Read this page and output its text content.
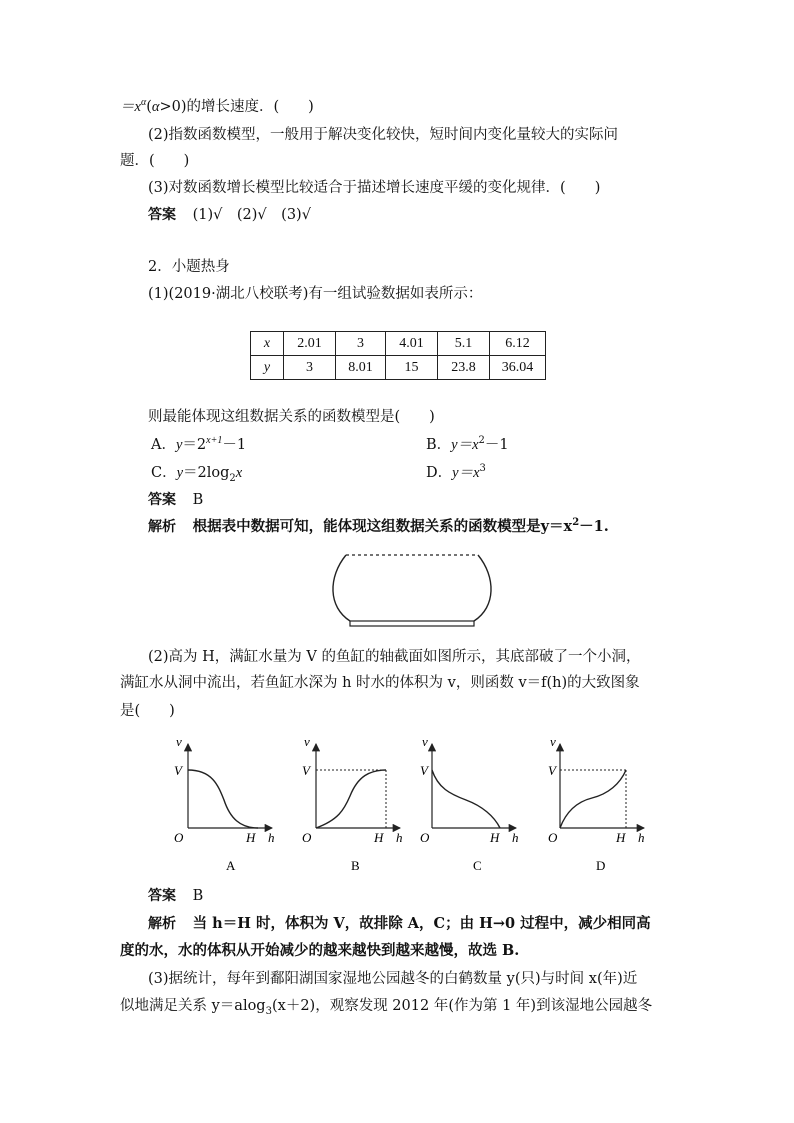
$=x^\alpha(\alpha>0)$的增长速度．(　　)
(2)指数函数模型，一般用于解决变化较快，短时间内变化量较大的实际问
题．(　　)
(3)对数函数增长模型比较适合于描述增长速度平缓的变化规律．(　　)
答案 (1)√　(2)√　(3)√
2．小题热身
(1)(2019·湖北八校联考)有一组试验数据如表所示：
x	2.01	3	4.01	5.1	6.12
y	3	8.01	15	23.8	36.04
则最能体现这组数据关系的函数模型是(　　)
A．$y=2^{x+1}-1$	B．$y=x^2-1$
C．$y=2\log_2x$	D．$y=x^3$
答案 B
解析 根据表中数据可知，能体现这组数据关系的函数模型是$y=x^2-1$.
(2)高为 H，满缸水量为 V 的鱼缸的轴截面如图所示，其底部破了一个小洞，
满缸水从洞中流出，若鱼缸水深为 h 时水的体积为 v，则函数 v＝f(h)的大致图象
是(　　)
v
V
O	H h
A
v
V
O	H h
B
v
V
O	H h
C
v
V
O	H h
D
答案 B
解析 当 h＝H 时，体积为 V，故排除 A，C；由 H→0 过程中，减少相同高
度的水，水的体积从开始减少的越来越快到越来越慢，故选 B.
(3)据统计，每年到鄱阳湖国家湿地公园越冬的白鹤数量 y(只)与时间 x(年)近
似地满足关系 y＝alog$_3$(x＋2)，观察发现 2012 年(作为第 1 年)到该湿地公园越冬
